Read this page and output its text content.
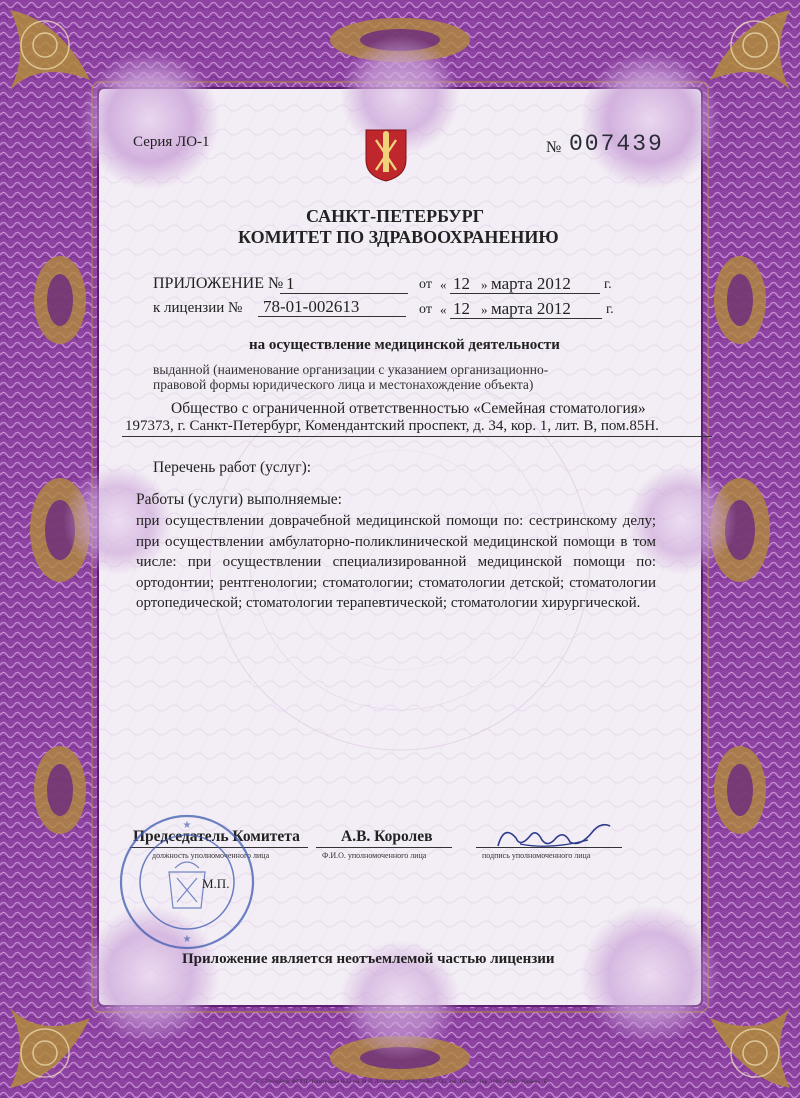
Серия ЛО-1	№ 007439
САНКТ-ПЕТЕРБУРГ
КОМИТЕТ ПО ЗДРАВООХРАНЕНИЮ
ПРИЛОЖЕНИЕ № 1	от « 12 » марта 2012 г.
к лицензии № 78-01-002613	от « 12 » марта 2012	г.
на осуществление медицинской деятельности
выданной (наименование организации с указанием организационно-
правовой формы юридического лица и местонахождение объекта)
Общество с ограниченной ответственностью «Семейная стоматология»
197373, г. Санкт-Петербург, Комендантский проспект, д. 34, кор. 1, лит. В, пом.85Н.
Перечень работ (услуг):
Работы (услуги) выполняемые:
при осуществлении доврачебной медицинской помощи по: сестринскому делу; при осуществлении амбулаторно-поликлинической медицинской помощи в том числе: при осуществлении специализированной медицинской помощи по: ортодонтии; рентгенологии; стоматологии; стоматологии детской; стоматологии ортопедической; стоматологии терапевтической; стоматологии хирургической.
Председатель Комитета
должность уполномоченного лица
А.В. Королев
Ф.И.О. уполномоченного лица	подпись уполномоченного лица
★
★
М.П.
Приложение является неотъемлемой частью лицензии
© С-Петербург ФГУП "Типография №32 им. М.И. Лоханкина". ИНН 7808037743. Зак. 106226. Тир. 1000. 2010 г. Уровень "Б".
